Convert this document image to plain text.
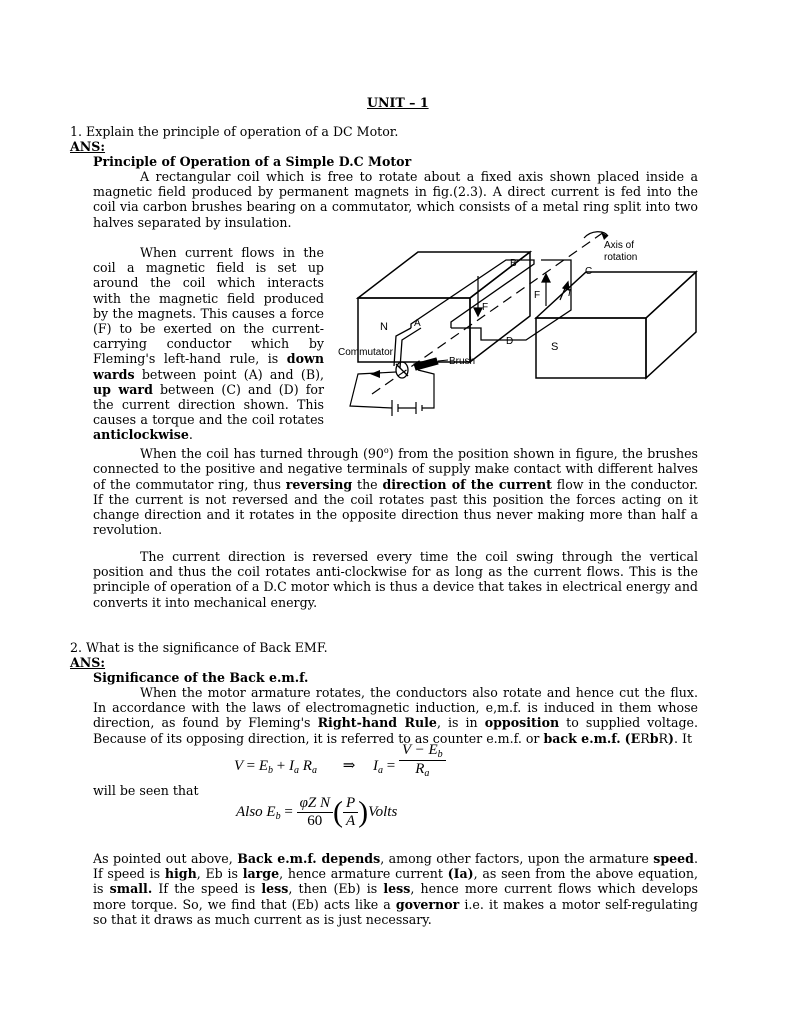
UNIT – 1
1. Explain the principle of operation of a DC Motor.
ANS:
Principle of Operation of a Simple D.C Motor
A rectangular coil which is free to rotate about a fixed axis shown placed inside a magnetic field produced by permanent magnets in fig.(2.3). A direct current is fed into the coil via carbon brushes bearing on a commutator, which consists of a metal ring split into two halves separated by insulation.
When current flows in the coil a magnetic field is set up around the coil which interacts with the magnetic field produced by the magnets. This causes a force (F) to be exerted on the current-carrying conductor which by Fleming's left-hand rule, is down wards between point (A) and (B), up ward between (C) and (D) for the current direction shown. This causes a torque and the coil rotates anticlockwise.
Axis of
rotation
B
C
A
D
F
F	I
N
S
Commutator
Brush
When the coil has turned through (90$^o$) from the position shown in figure, the brushes connected to the positive and negative terminals of supply make contact with different halves of the commutator ring, thus reversing the direction of the current flow in the conductor. If the current is not reversed and the coil rotates past this position the forces acting on it change direction and it rotates in the opposite direction thus never making more than half a revolution.
The current direction is reversed every time the coil swing through the vertical position and thus the coil rotates anti-clockwise for as long as the current flows. This is the principle of operation of a D.C motor which is thus a device that takes in electrical energy and converts it into mechanical energy.
2. What is the significance of Back EMF.
ANS:
Significance of the Back e.m.f.
When the motor armature rotates, the conductors also rotate and hence cut the flux. In accordance with the laws of electromagnetic induction, e,m.f. is induced in them whose direction, as found by Fleming's Right-hand Rule, is in opposition to supplied voltage. Because of its opposing direction, it is referred to as counter e.m.f. or back e.m.f. (ERbR). It
$V = E_b + I_a$ $R_a$ ⇒ $I_a = \frac{V - E_b}{R_a}$
will be seen that
Also $E_b = \frac{\text{φZ N}}{60}$ ( $\frac{P}{A}$ )Volts
As pointed out above, Back e.m.f. depends, among other factors, upon the armature speed. If speed is high, Eb is large, hence armature current (Ia), as seen from the above equation, is small. If the speed is less, then (Eb) is less, hence more current flows which develops more torque. So, we find that (Eb) acts like a governor i.e. it makes a motor self-regulating so that it draws as much current as is just necessary.
